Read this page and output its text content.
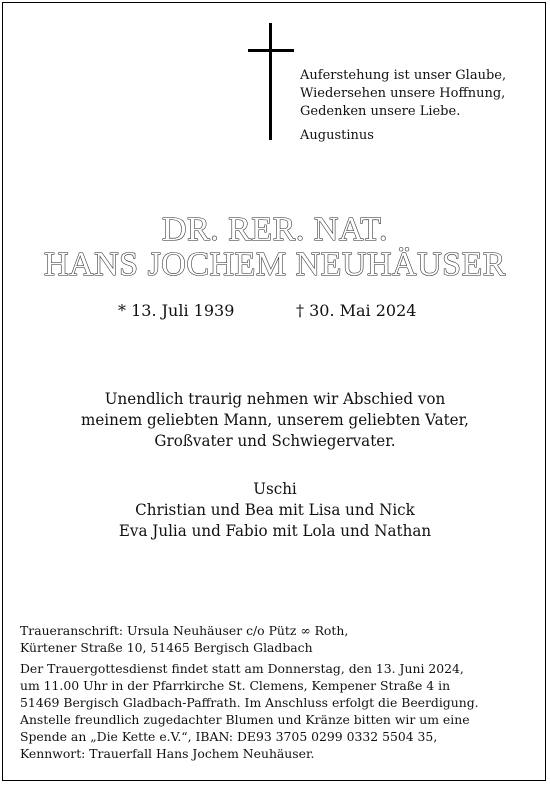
Auferstehung ist unser Glaube,
Wiedersehen unsere Hoffnung,
Gedenken unsere Liebe.
Augustinus
DR. RER. NAT.
HANS JOCHEM NEUHÄUSER
* 13. Juli 1939	† 30. Mai 2024
Unendlich traurig nehmen wir Abschied von
meinem geliebten Mann, unserem geliebten Vater,
Großvater und Schwiegervater.
Uschi
Christian und Bea mit Lisa und Nick
Eva Julia und Fabio mit Lola und Nathan
Traueranschrift: Ursula Neuhäuser c/o Pütz ∞ Roth,
Kürtener Straße 10, 51465 Bergisch Gladbach
Der Trauergottesdienst findet statt am Donnerstag, den 13. Juni 2024,
um 11.00 Uhr in der Pfarrkirche St. Clemens, Kempener Straße 4 in
51469 Bergisch Gladbach-Paffrath. Im Anschluss erfolgt die Beerdigung.
Anstelle freundlich zugedachter Blumen und Kränze bitten wir um eine
Spende an „Die Kette e.V.“, IBAN: DE93 3705 0299 0332 5504 35,
Kennwort: Trauerfall Hans Jochem Neuhäuser.
